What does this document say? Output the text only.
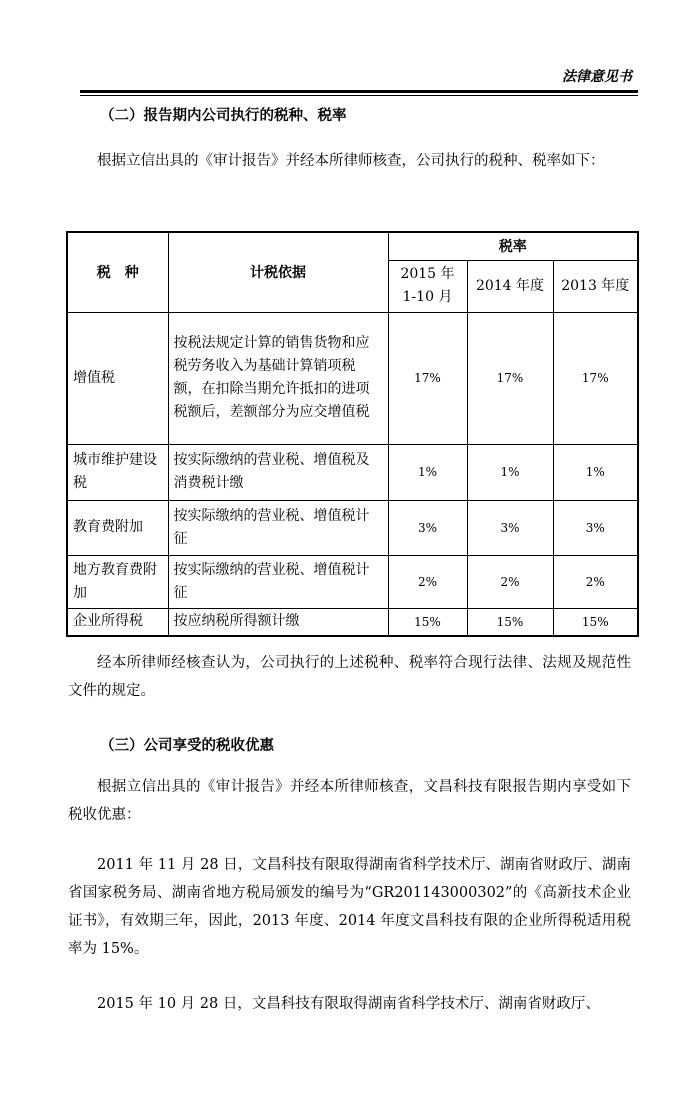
法律意见书
（二）报告期内公司执行的税种、税率

根据立信出具的《审计报告》并经本所律师核查，公司执行的税种、税率如下：

税　种	计税依据	税率		
		2015 年 1-10 月	2014 年度	2013 年度
增值税	按税法规定计算的销售货物和应税劳务收入为基础计算销项税额，在扣除当期允许抵扣的进项税额后，差额部分为应交增值税	17%	17%	17%
城市维护建设税	按实际缴纳的营业税、增值税及消费税计缴	1%	1%	1%
教育费附加	按实际缴纳的营业税、增值税计征	3%	3%	3%
地方教育费附加	按实际缴纳的营业税、增值税计征	2%	2%	2%
企业所得税	按应纳税所得额计缴	15%	15%	15%

经本所律师经核查认为，公司执行的上述税种、税率符合现行法律、法规及规范性文件的规定。

（三）公司享受的税收优惠

根据立信出具的《审计报告》并经本所律师核查，文昌科技有限报告期内享受如下税收优惠：

2011 年 11 月 28 日，文昌科技有限取得湖南省科学技术厅、湖南省财政厅、湖南省国家税务局、湖南省地方税局颁发的编号为“GR201143000302”的《高新技术企业证书》，有效期三年，因此，2013 年度、2014 年度文昌科技有限的企业所得税适用税率为 15%。

2015 年 10 月 28 日，文昌科技有限取得湖南省科学技术厅、湖南省财政厅、
